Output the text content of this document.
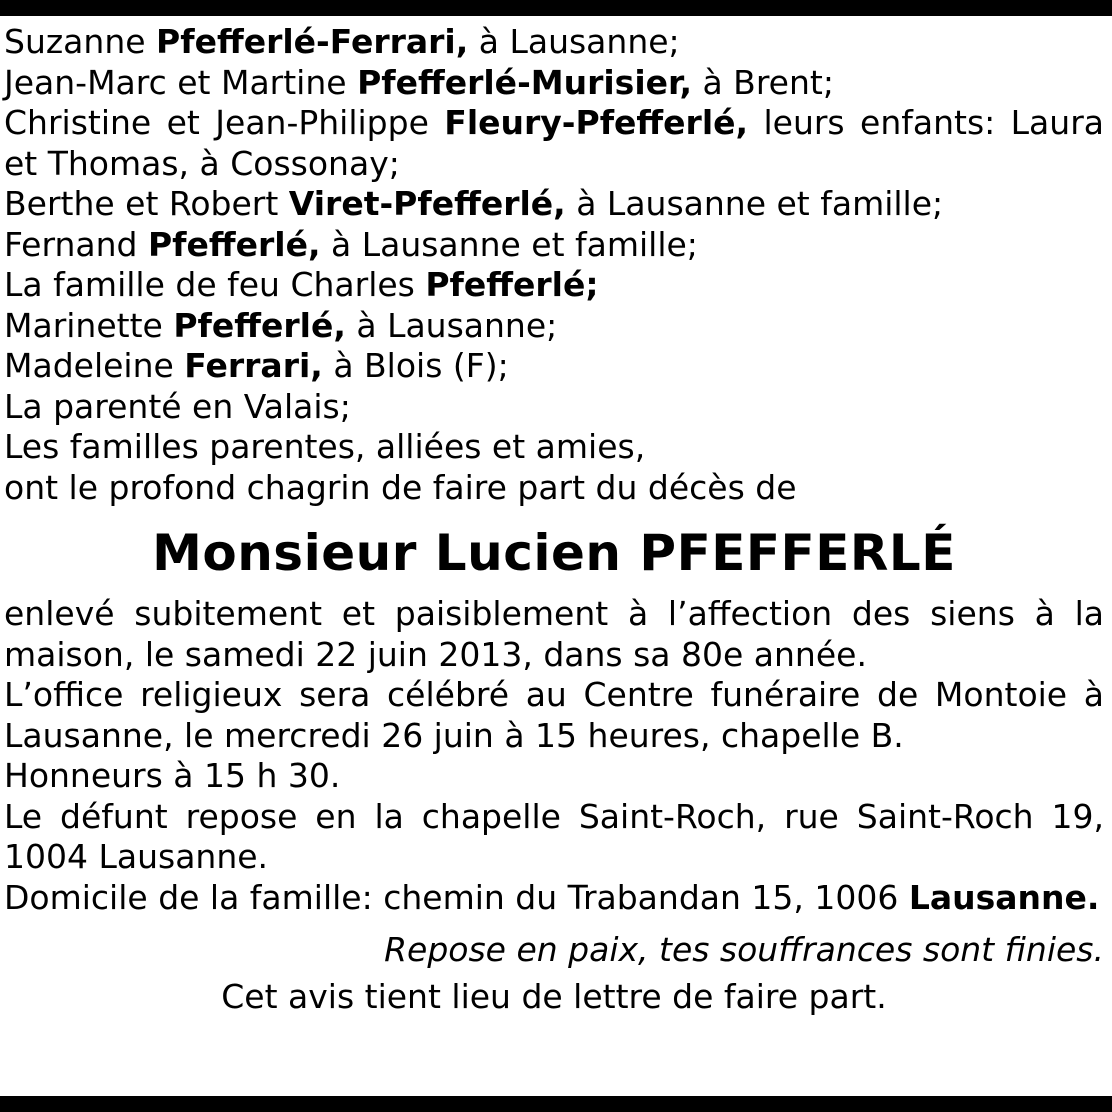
Suzanne Pfefferlé-Ferrari, à Lausanne;
Jean-Marc et Martine Pfefferlé-Murisier, à Brent;
Christine et Jean-Philippe Fleury-Pfefferlé, leurs enfants: Laura et Thomas, à Cossonay;
Berthe et Robert Viret-Pfefferlé, à Lausanne et famille;
Fernand Pfefferlé, à Lausanne et famille;
La famille de feu Charles Pfefferlé;
Marinette Pfefferlé, à Lausanne;
Madeleine Ferrari, à Blois (F);
La parenté en Valais;
Les familles parentes, alliées et amies,
ont le profond chagrin de faire part du décès de
Monsieur Lucien PFEFFERLÉ
enlevé subitement et paisiblement à l’affection des siens à la maison, le samedi 22 juin 2013, dans sa 80e année.
L’office religieux sera célébré au Centre funéraire de Montoie à Lausanne, le mercredi 26 juin à 15 heures, chapelle B.
Honneurs à 15 h 30.
Le défunt repose en la chapelle Saint-Roch, rue Saint-Roch 19, 1004 Lausanne.
Domicile de la famille: chemin du Trabandan 15, 1006 Lausanne.
Repose en paix, tes souffrances sont finies.
Cet avis tient lieu de lettre de faire part.
